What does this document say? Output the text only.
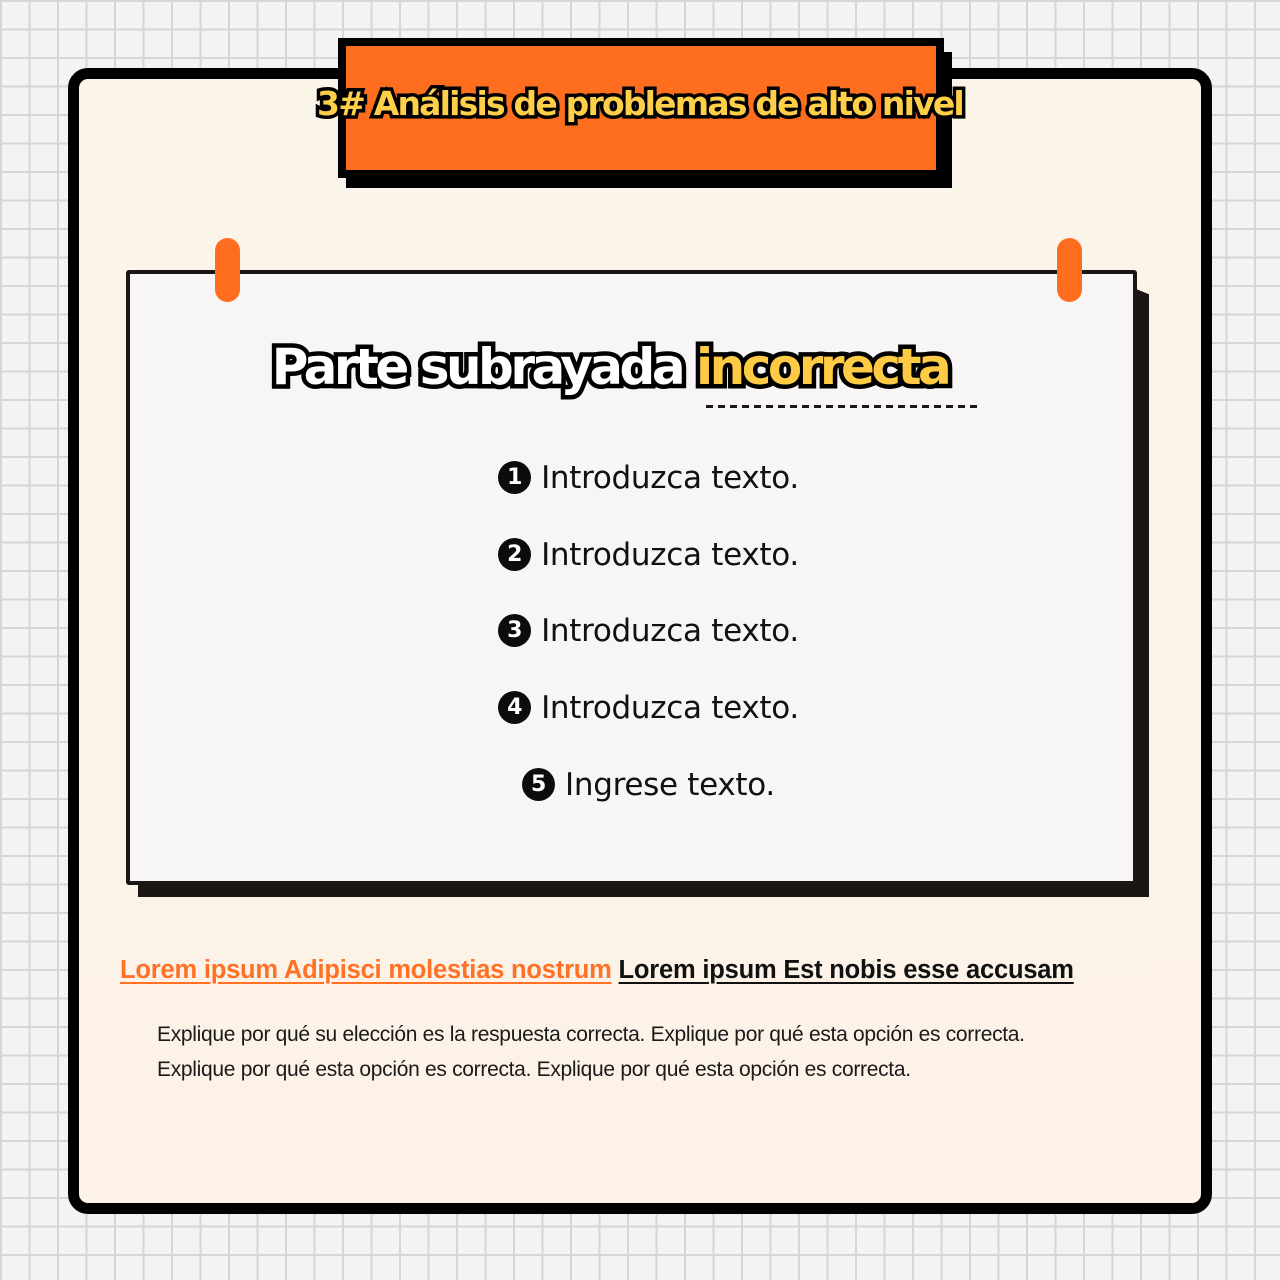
3# Análisis de problemas de alto nivel
Parte subrayada incorrecta
1 Introduzca texto.
2 Introduzca texto.
3 Introduzca texto.
4 Introduzca texto.
5 Ingrese texto.
Lorem ipsum Adipisci molestias nostrum Lorem ipsum Est nobis esse accusam
Explique por qué su elección es la respuesta correcta. Explique por qué esta opción es correcta.
Explique por qué esta opción es correcta. Explique por qué esta opción es correcta.
